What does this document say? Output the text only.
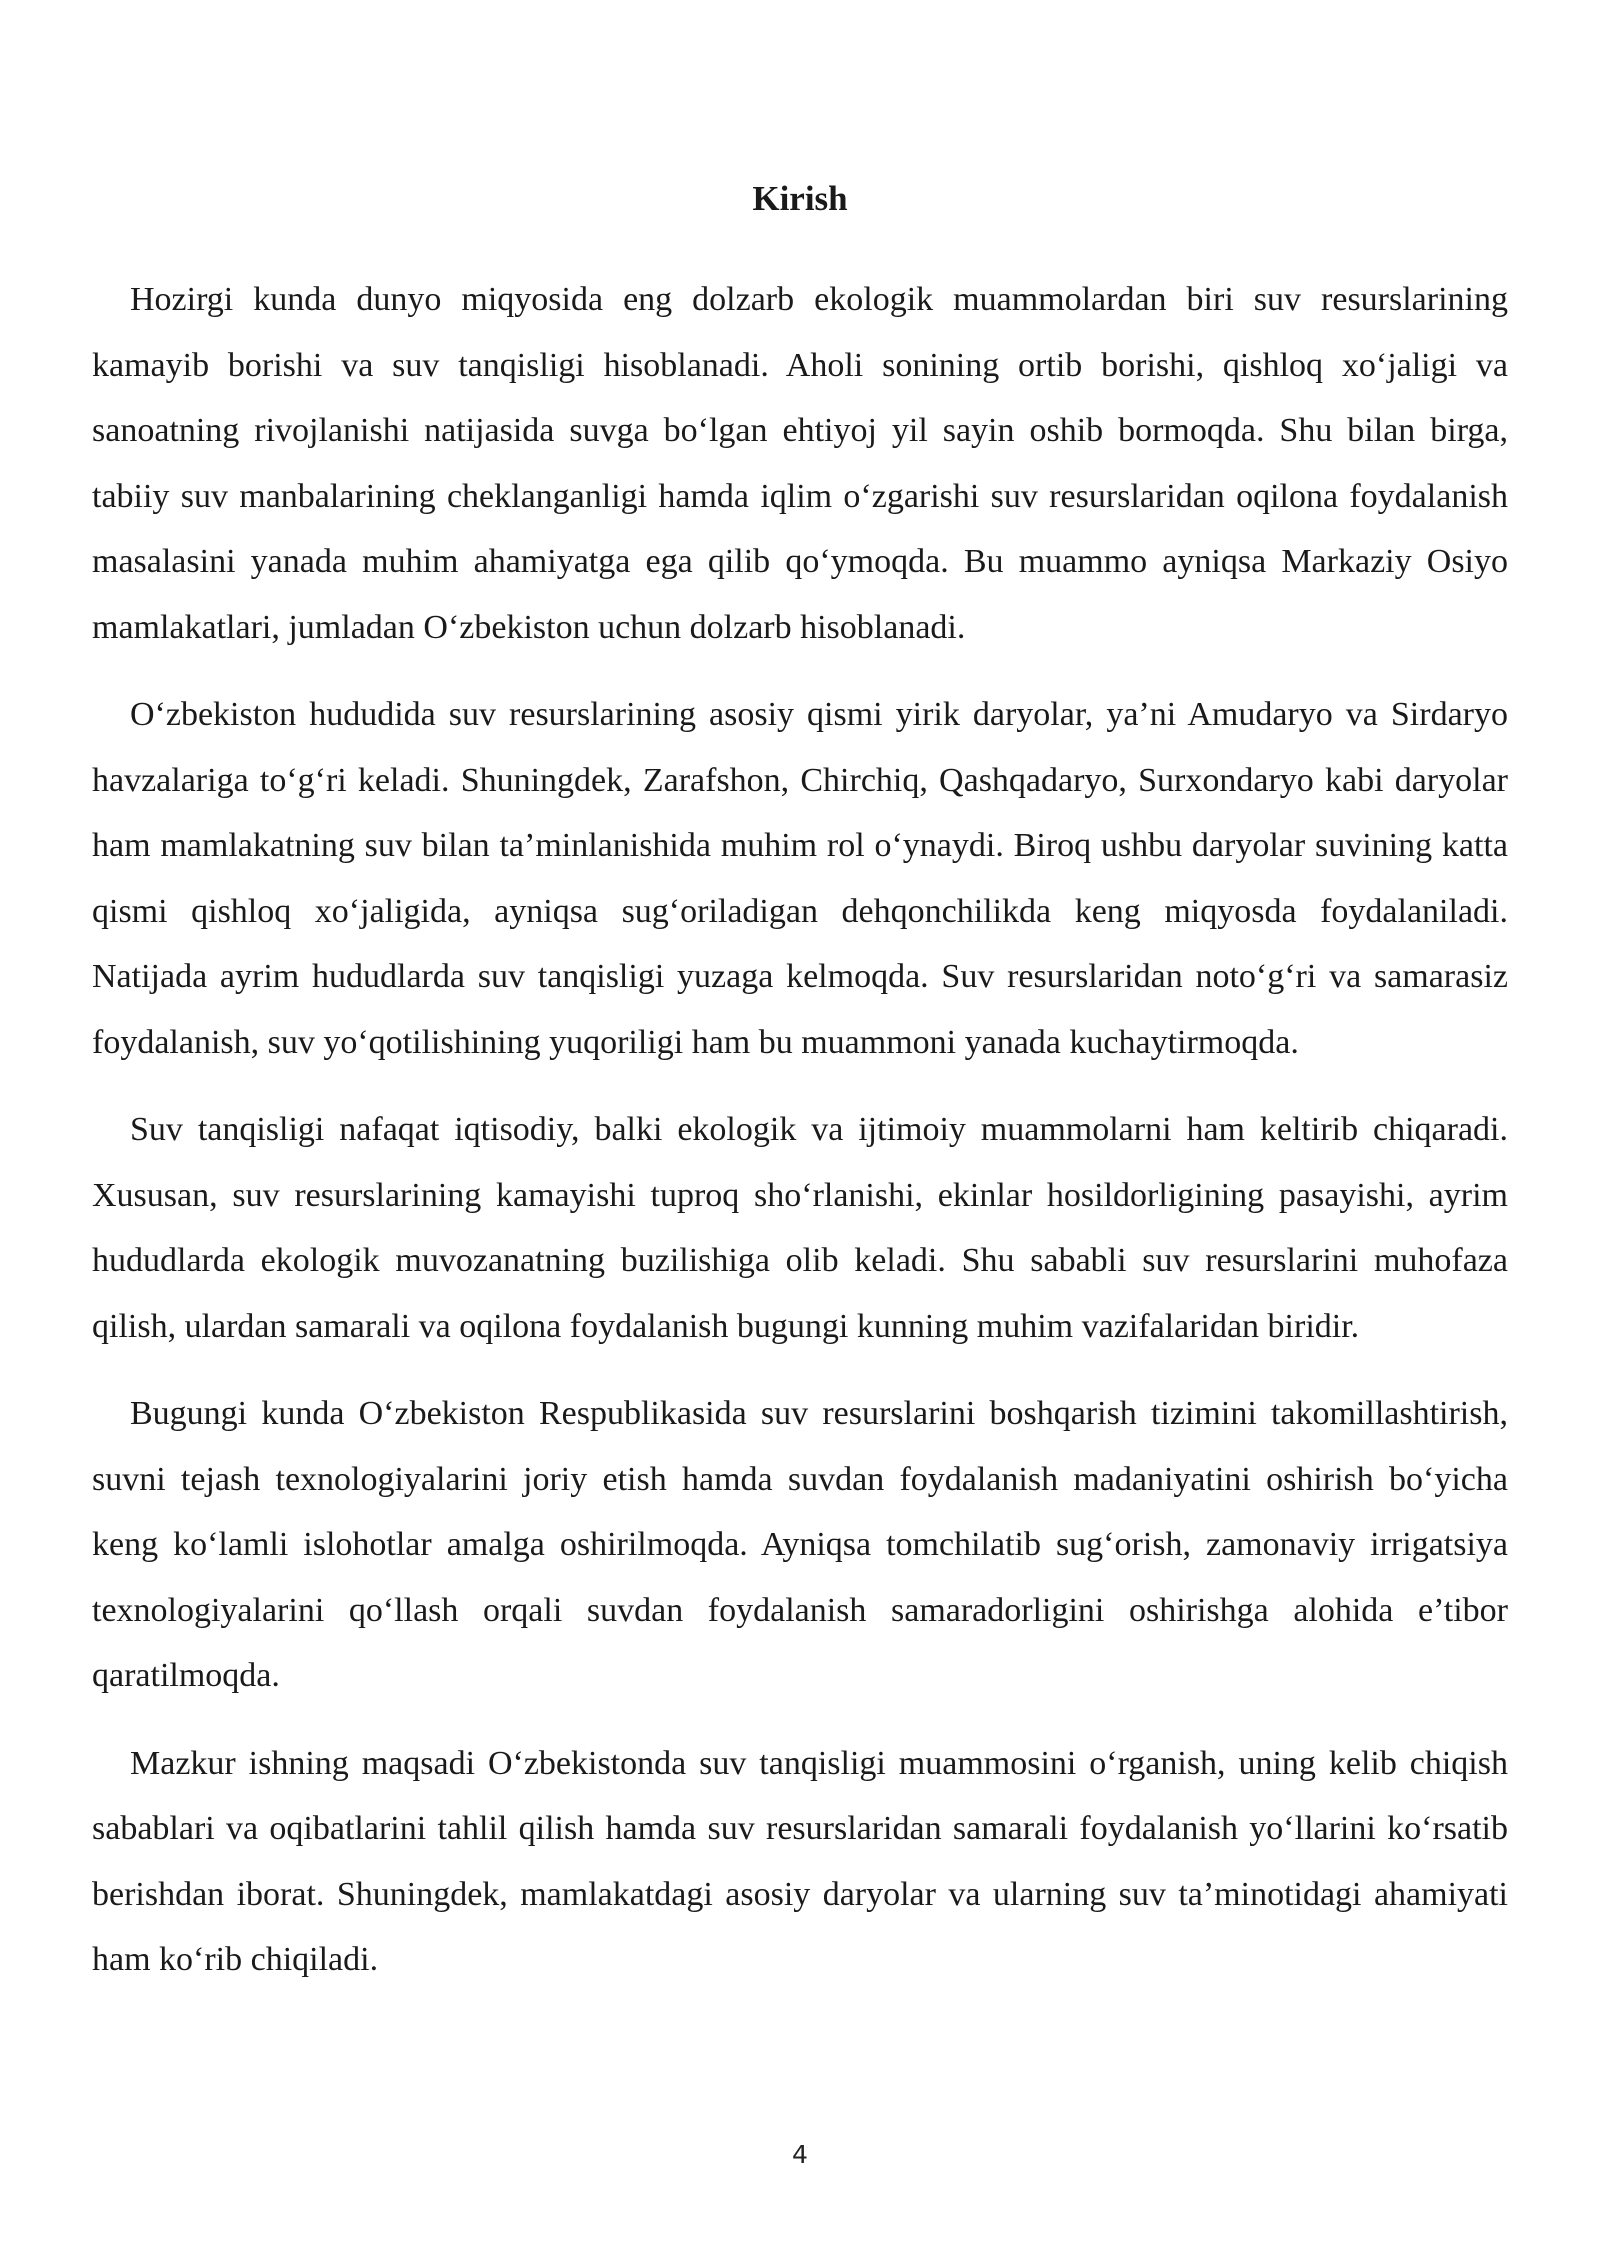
Kirish

Hozirgi kunda dunyo miqyosida eng dolzarb ekologik muammolardan biri suv resurslarining kamayib borishi va suv tanqisligi hisoblanadi. Aholi sonining ortib borishi, qishloq xo‘jaligi va sanoatning rivojlanishi natijasida suvga bo‘lgan ehtiyoj yil sayin oshib bormoqda. Shu bilan birga, tabiiy suv manbalarining cheklanganligi hamda iqlim o‘zgarishi suv resurslaridan oqilona foydalanish masalasini yanada muhim ahamiyatga ega qilib qo‘ymoqda. Bu muammo ayniqsa Markaziy Osiyo mamlakatlari, jumladan O‘zbekiston uchun dolzarb hisoblanadi.

O‘zbekiston hududida suv resurslarining asosiy qismi yirik daryolar, ya’ni Amudaryo va Sirdaryo havzalariga to‘g‘ri keladi. Shuningdek, Zarafshon, Chirchiq, Qashqadaryo, Surxondaryo kabi daryolar ham mamlakatning suv bilan ta’minlanishida muhim rol o‘ynaydi. Biroq ushbu daryolar suvining katta qismi qishloq xo‘jaligida, ayniqsa sug‘oriladigan dehqonchilikda keng miqyosda foydalaniladi. Natijada ayrim hududlarda suv tanqisligi yuzaga kelmoqda. Suv resurslaridan noto‘g‘ri va samarasiz foydalanish, suv yo‘qotilishining yuqoriligi ham bu muammoni yanada kuchaytirmoqda.

Suv tanqisligi nafaqat iqtisodiy, balki ekologik va ijtimoiy muammolarni ham keltirib chiqaradi. Xususan, suv resurslarining kamayishi tuproq sho‘rlanishi, ekinlar hosildorligining pasayishi, ayrim hududlarda ekologik muvozanatning buzilishiga olib keladi. Shu sababli suv resurslarini muhofaza qilish, ulardan samarali va oqilona foydalanish bugungi kunning muhim vazifalaridan biridir.

Bugungi kunda O‘zbekiston Respublikasida suv resurslarini boshqarish tizimini takomillashtirish, suvni tejash texnologiyalarini joriy etish hamda suvdan foydalanish madaniyatini oshirish bo‘yicha keng ko‘lamli islohotlar amalga oshirilmoqda. Ayniqsa tomchilatib sug‘orish, zamonaviy irrigatsiya texnologiyalarini qo‘llash orqali suvdan foydalanish samaradorligini oshirishga alohida e’tibor qaratilmoqda.

Mazkur ishning maqsadi O‘zbekistonda suv tanqisligi muammosini o‘rganish, uning kelib chiqish sabablari va oqibatlarini tahlil qilish hamda suv resurslaridan samarali foydalanish yo‘llarini ko‘rsatib berishdan iborat. Shuningdek, mamlakatdagi asosiy daryolar va ularning suv ta’minotidagi ahamiyati ham ko‘rib chiqiladi.

4
